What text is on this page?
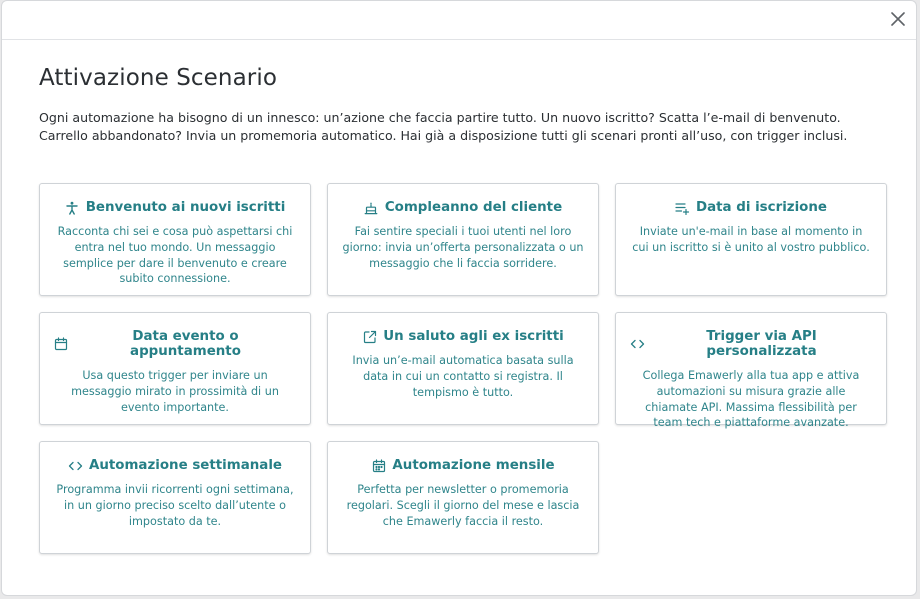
Attivazione Scenario

Ogni automazione ha bisogno di un innesco: un’azione che faccia partire tutto. Un nuovo iscritto? Scatta l’e-mail di benvenuto. Carrello abbandonato? Invia un promemoria automatico. Hai già a disposizione tutti gli scenari pronti all’uso, con trigger inclusi.

Benvenuto ai nuovi iscritti

Racconta chi sei e cosa può aspettarsi chi entra nel tuo mondo. Un messaggio semplice per dare il benvenuto e creare subito connessione.

Compleanno del cliente

Fai sentire speciali i tuoi utenti nel loro giorno: invia un’offerta personalizzata o un messaggio che li faccia sorridere.

Data di iscrizione

Inviate un'e-mail in base al momento in cui un iscritto si è unito al vostro pubblico.

Data evento o appuntamento

Usa questo trigger per inviare un messaggio mirato in prossimità di un evento importante.

Un saluto agli ex iscritti

Invia un’e-mail automatica basata sulla data in cui un contatto si registra. Il tempismo è tutto.

Trigger via API personalizzata

Collega Emawerly alla tua app e attiva automazioni su misura grazie alle chiamate API. Massima flessibilità per team tech e piattaforme avanzate.

Automazione settimanale

Programma invii ricorrenti ogni settimana, in un giorno preciso scelto dall’utente o impostato da te.

Automazione mensile

Perfetta per newsletter o promemoria regolari. Scegli il giorno del mese e lascia che Emawerly faccia il resto.
